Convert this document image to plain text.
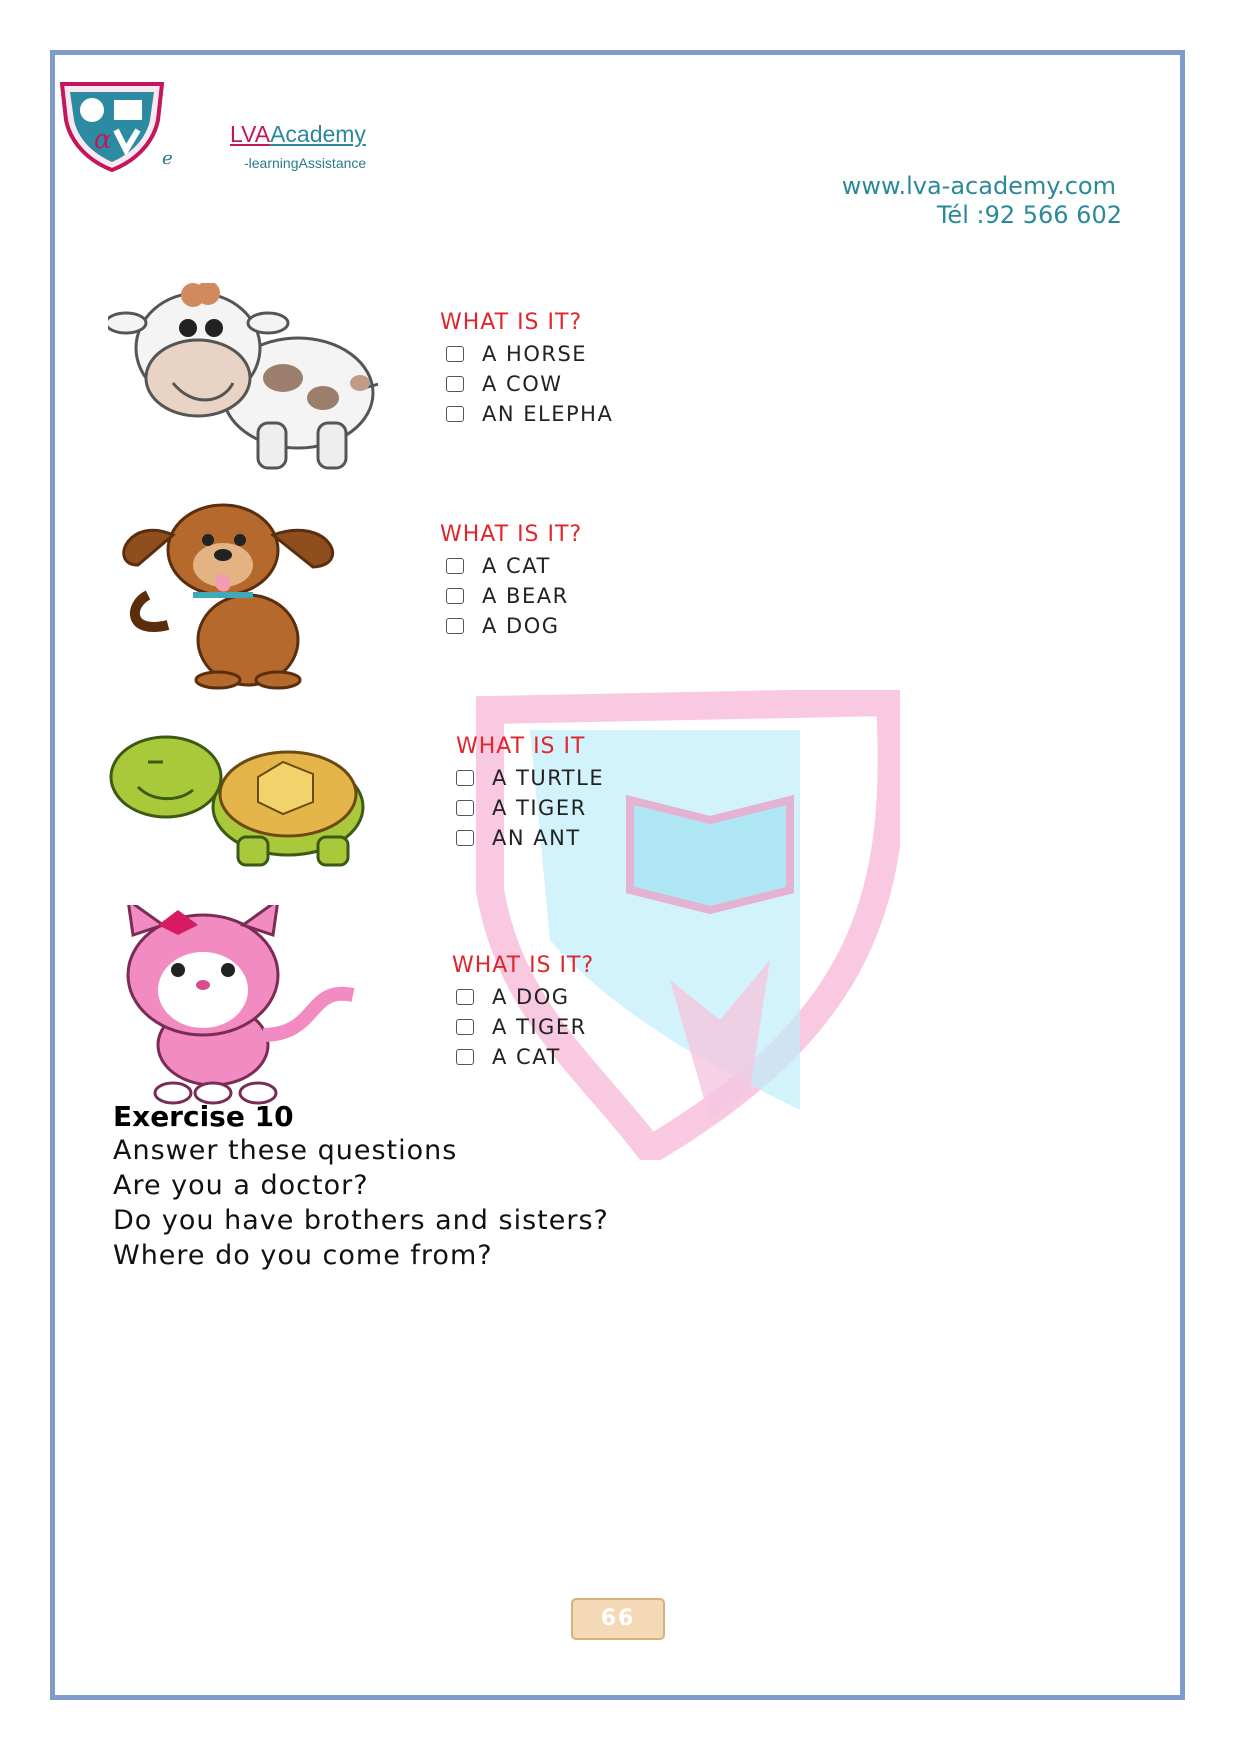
α
e
LVAAcademy
-learningAssistance
www.lva-academy.com
Tél :92 566 602
WHAT IS IT?
A HORSE
A COW
AN ELEPHA
WHAT IS IT?
A CAT
A BEAR
A DOG
WHAT IS IT
A TURTLE
A TIGER
AN ANT
WHAT IS IT?
A DOG
A TIGER
A CAT
Exercise 10
Answer these questions
Are you a doctor?
Do you have brothers and sisters?
Where do you come from?
66
